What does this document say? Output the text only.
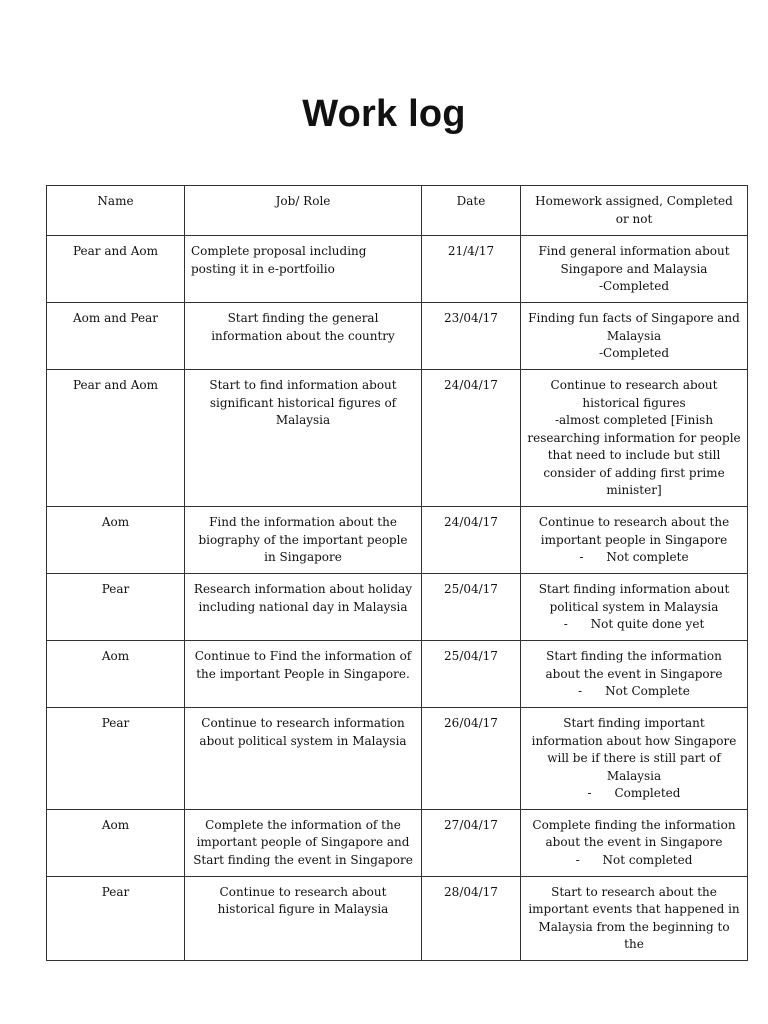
Work log
Name	Job/ Role	Date	Homework assigned, Completed or not
Pear and Aom	Complete proposal including posting it in e-portfoilio	21/4/17	Find general information about Singapore and Malaysia
-Completed

Aom and Pear	Start finding the general information about the country	23/04/17	Finding fun facts of Singapore and Malaysia
-Completed

Pear and Aom	Start to find information about significant historical figures of Malaysia	24/04/17	Continue to research about historical figures
-almost completed [Finish researching information for people that need to include but still consider of adding first prime minister]

Aom	Find the information about the biography of the important people in Singapore	24/04/17	Continue to research about the important people in Singapore
-      Not complete

Pear	Research information about holiday including national day in Malaysia	25/04/17	Start finding information about political system in Malaysia
-      Not quite done yet

Aom	Continue to Find the information of the important People in Singapore.	25/04/17	Start finding the information about the event in Singapore
-      Not Complete

Pear	Continue to research information about political system in Malaysia	26/04/17	Start finding important information about how Singapore will be if there is still part of Malaysia
-      Completed

Aom	Complete the information of the important people of Singapore and Start finding the event in Singapore	27/04/17	Complete finding the information about the event in Singapore
-      Not completed

Pear	Continue to research about historical figure in Malaysia	28/04/17	Start to research about the important events that happened in Malaysia from the beginning to the
